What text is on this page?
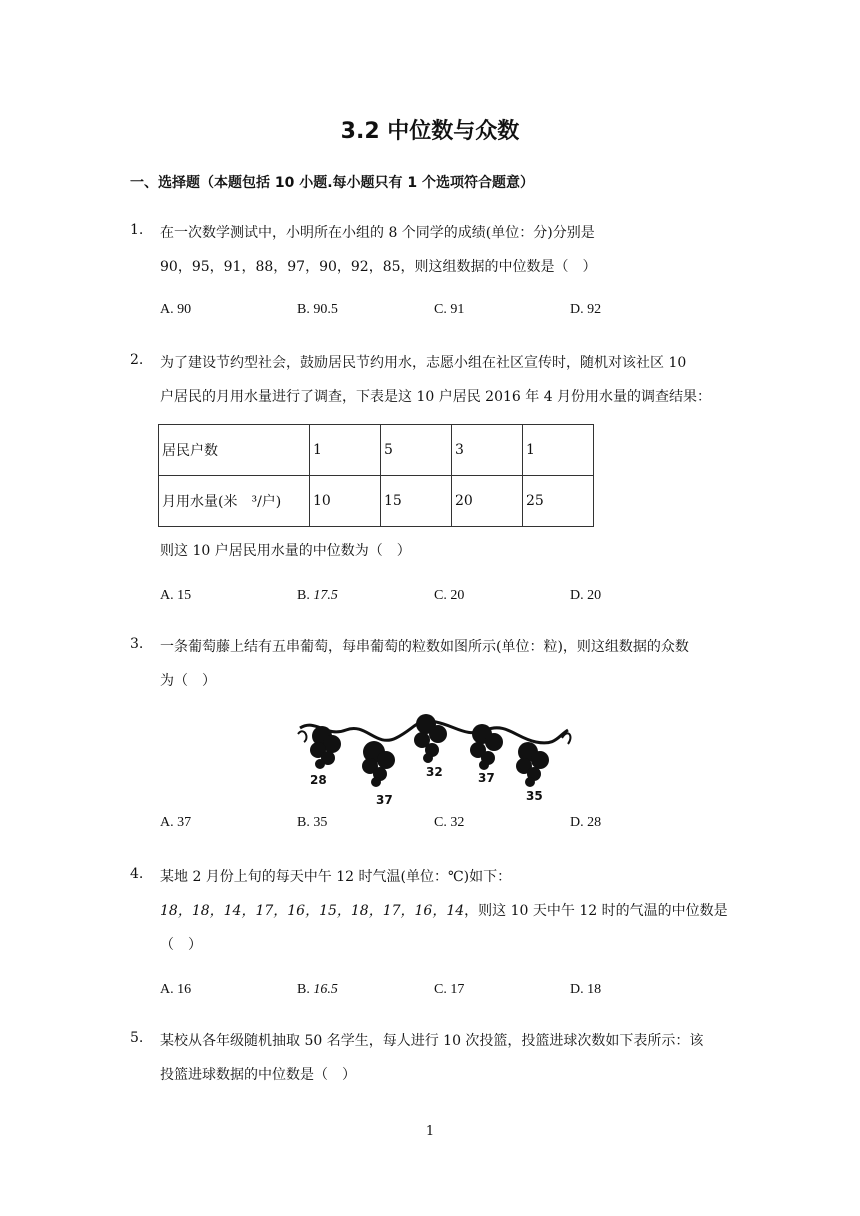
3.2 中位数与众数
一、选择题（本题包括 10 小题.每小题只有 1 个选项符合题意）
1. 在一次数学测试中，小明所在小组的 8 个同学的成绩(单位：分)分别是
90，95，91，88，97，90，92，85，则这组数据的中位数是（　）
A. 90	B. 90.5	C. 91	D. 92
2. 为了建设节约型社会，鼓励居民节约用水，志愿小组在社区宣传时，随机对该社区 10
户居民的月用水量进行了调查，下表是这 10 户居民 2016 年 4 月份用水量的调查结果：
居民户数	1	5	3	1
月用水量(米　³/户)	10	15	20	25
则这 10 户居民用水量的中位数为（　）
A. 15	B. 17.5	C. 20	D. 20
3. 一条葡萄藤上结有五串葡萄，每串葡萄的粒数如图所示(单位：粒)，则这组数据的众数
为（　）
28
37
32	37
35
A. 37	B. 35	C. 32	D. 28
4. 某地 2 月份上旬的每天中午 12 时气温(单位：℃)如下：
18，18，14，17，16，15，18，17，16，14，则这 10 天中午 12 时的气温的中位数是
（　）
A. 16	B. 16.5	C. 17	D. 18
5. 某校从各年级随机抽取 50 名学生，每人进行 10 次投篮，投篮进球次数如下表所示：该
投篮进球数据的中位数是（　）
1
